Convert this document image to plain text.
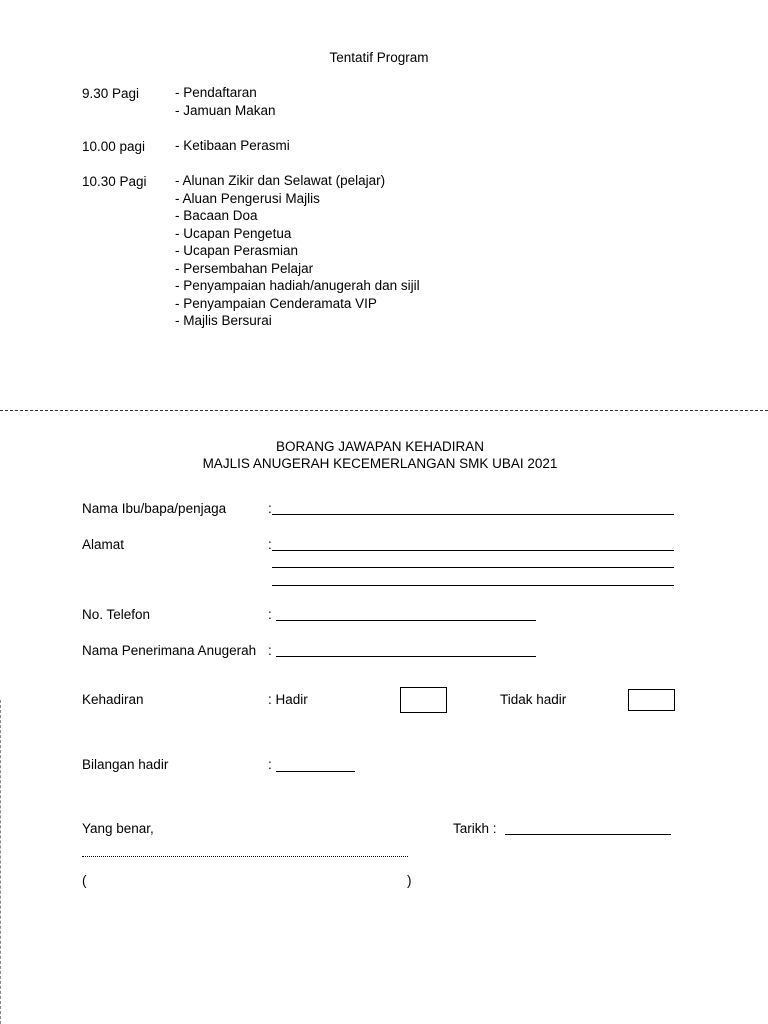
Tentatif Program
9.30 Pagi	- Pendaftaran
- Jamuan Makan
10.00 pagi - Ketibaan Perasmi
10.30 Pagi - Alunan Zikir dan Selawat (pelajar)
- Aluan Pengerusi Majlis
- Bacaan Doa
- Ucapan Pengetua
- Ucapan Perasmian
- Persembahan Pelajar
- Penyampaian hadiah/anugerah dan sijil
- Penyampaian Cenderamata VIP
- Majlis Bersurai
BORANG JAWAPAN KEHADIRAN
MAJLIS ANUGERAH KECEMERLANGAN SMK UBAI 2021
Nama Ibu/bapa/penjaga	:
Alamat	:
No. Telefon	:
Nama Penerimana Anugerah :
Kehadiran	: Hadir	Tidak hadir
Bilangan hadir	:
Yang benar,	Tarikh :
(	)
